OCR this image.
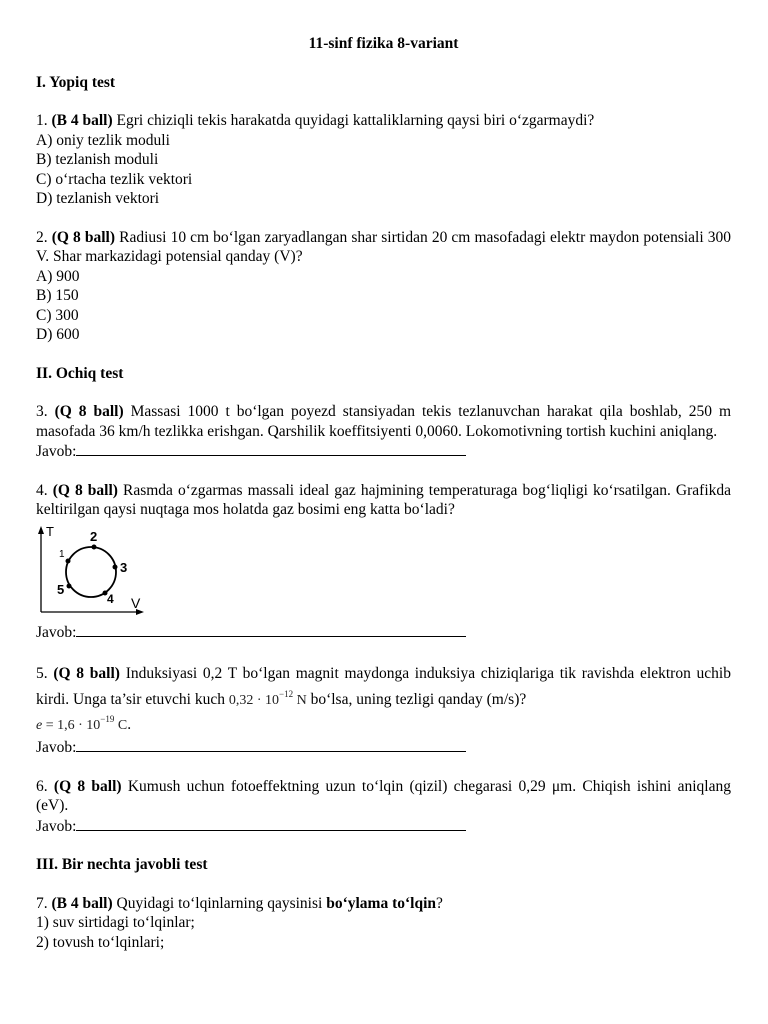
11-sinf fizika 8-variant
I. Yopiq test
1. (B 4 ball) Egri chiziqli tekis harakatda quyidagi kattaliklarning qaysi biri o‘zgarmaydi?
A) oniy tezlik moduli
B) tezlanish moduli
C) o‘rtacha tezlik vektori
D) tezlanish vektori
2. (Q 8 ball) Radiusi 10 cm bo‘lgan zaryadlangan shar sirtidan 20 cm masofadagi elektr maydon potensiali 300 V. Shar markazidagi potensial qanday (V)?
A) 900
B) 150
C) 300
D) 600
II. Ochiq test
3. (Q 8 ball) Massasi 1000 t bo‘lgan poyezd stansiyadan tekis tezlanuvchan harakat qila boshlab, 250 m masofada 36 km/h tezlikka erishgan. Qarshilik koeffitsiyenti 0,0060. Lokomotivning tortish kuchini aniqlang.
Javob:
4. (Q 8 ball) Rasmda o‘zgarmas massali ideal gaz hajmining temperaturaga bog‘liqligi ko‘rsatilgan. Grafikda keltirilgan qaysi nuqtaga mos holatda gaz bosimi eng katta bo‘ladi?
T
V
1
2
3
4
5
Javob:
5. (Q 8 ball) Induksiyasi 0,2 T bo‘lgan magnit maydonga induksiya chiziqlariga tik ravishda elektron uchib kirdi. Unga ta’sir etuvchi kuch $0,32 \cdot 10^{-12}$ N bo‘lsa, uning tezligi qanday (m/s)?
$e = 1,6 \cdot 10^{-19}$ C.
Javob:
6. (Q 8 ball) Kumush uchun fotoeffektning uzun to‘lqin (qizil) chegarasi 0,29 μm. Chiqish ishini aniqlang (eV).
Javob:
III. Bir nechta javobli test
7. (B 4 ball) Quyidagi to‘lqinlarning qaysinisi bo‘ylama to‘lqin?
1) suv sirtidagi to‘lqinlar;
2) tovush to‘lqinlari;
